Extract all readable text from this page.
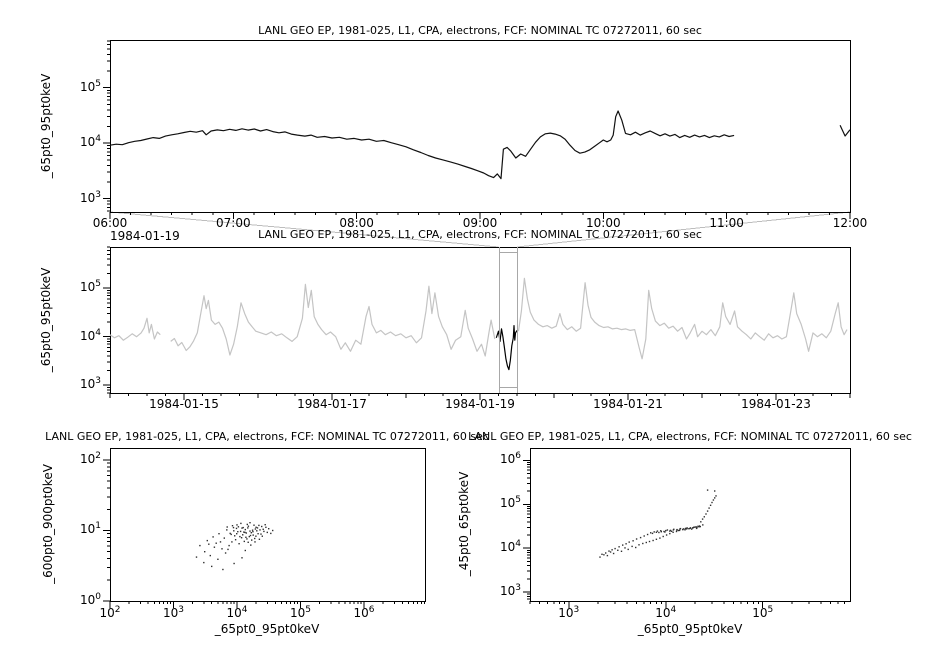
LANL GEO EP, 1981-025, L1, CPA, electrons, FCF: NOMINAL TC 07272011, 60 sec
LANL GEO EP, 1981-025, L1, CPA, electrons, FCF: NOMINAL TC 07272011, 60 sec
LANL GEO EP, 1981-025, L1, CPA, electrons, FCF: NOMINAL TC 07272011, 60 sec
LANL GEO EP, 1981-025, L1, CPA, electrons, FCF: NOMINAL TC 07272011, 60 sec
_65pt0_95pt0keV
_65pt0_95pt0keV
_600pt0_900pt0keV	_45pt0_65pt0keV
_65pt0_95pt0keV	_65pt0_95pt0keV
1984-01-19
06:00	07:00	08:00	09:00	10:00	11:00	12:00
$10^3$
$10^4$
$10^5$
1984-01-15	1984-01-17	1984-01-19	1984-01-21	1984-01-23
$10^3$
$10^4$
$10^5$
$10^2$	$10^3$	$10^4$	$10^5$	$10^6$
$10^0$
$10^1$
$10^2$
$10^3$	$10^4$	$10^5$
$10^3$
$10^4$
$10^5$
$10^6$
